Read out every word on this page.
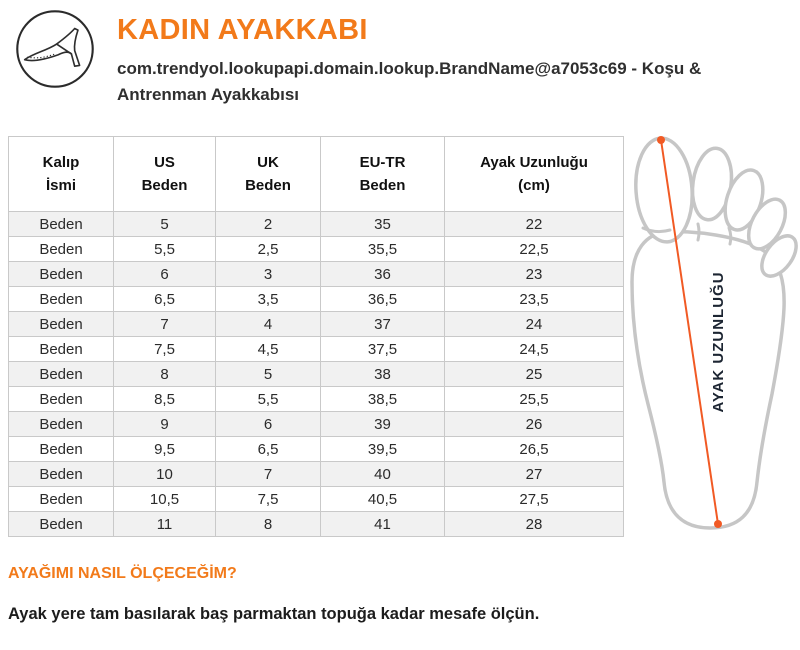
KADIN AYAKKABI

com.trendyol.lookupapi.domain.lookup.BrandName@a7053c69 - Koşu & Antrenman Ayakkabısı

Kalıp
İsmi

US
Beden

UK
Beden

EU-TR
Beden

Ayak Uzunluğu
(cm)

Beden	5	2	35	22
Beden	5,5	2,5	35,5	22,5
Beden	6	3	36	23
Beden	6,5	3,5	36,5	23,5
Beden	7	4	37	24
Beden	7,5	4,5	37,5	24,5
Beden	8	5	38	25
Beden	8,5	5,5	38,5	25,5
Beden	9	6	39	26
Beden	9,5	6,5	39,5	26,5
Beden	10	7	40	27
Beden	10,5	7,5	40,5	27,5
Beden	11	8	41	28
AYAK UZUNLUĞU
AYAĞIMI NASIL ÖLÇECEĞİM?

Ayak yere tam basılarak baş parmaktan topuğa kadar mesafe ölçün.
